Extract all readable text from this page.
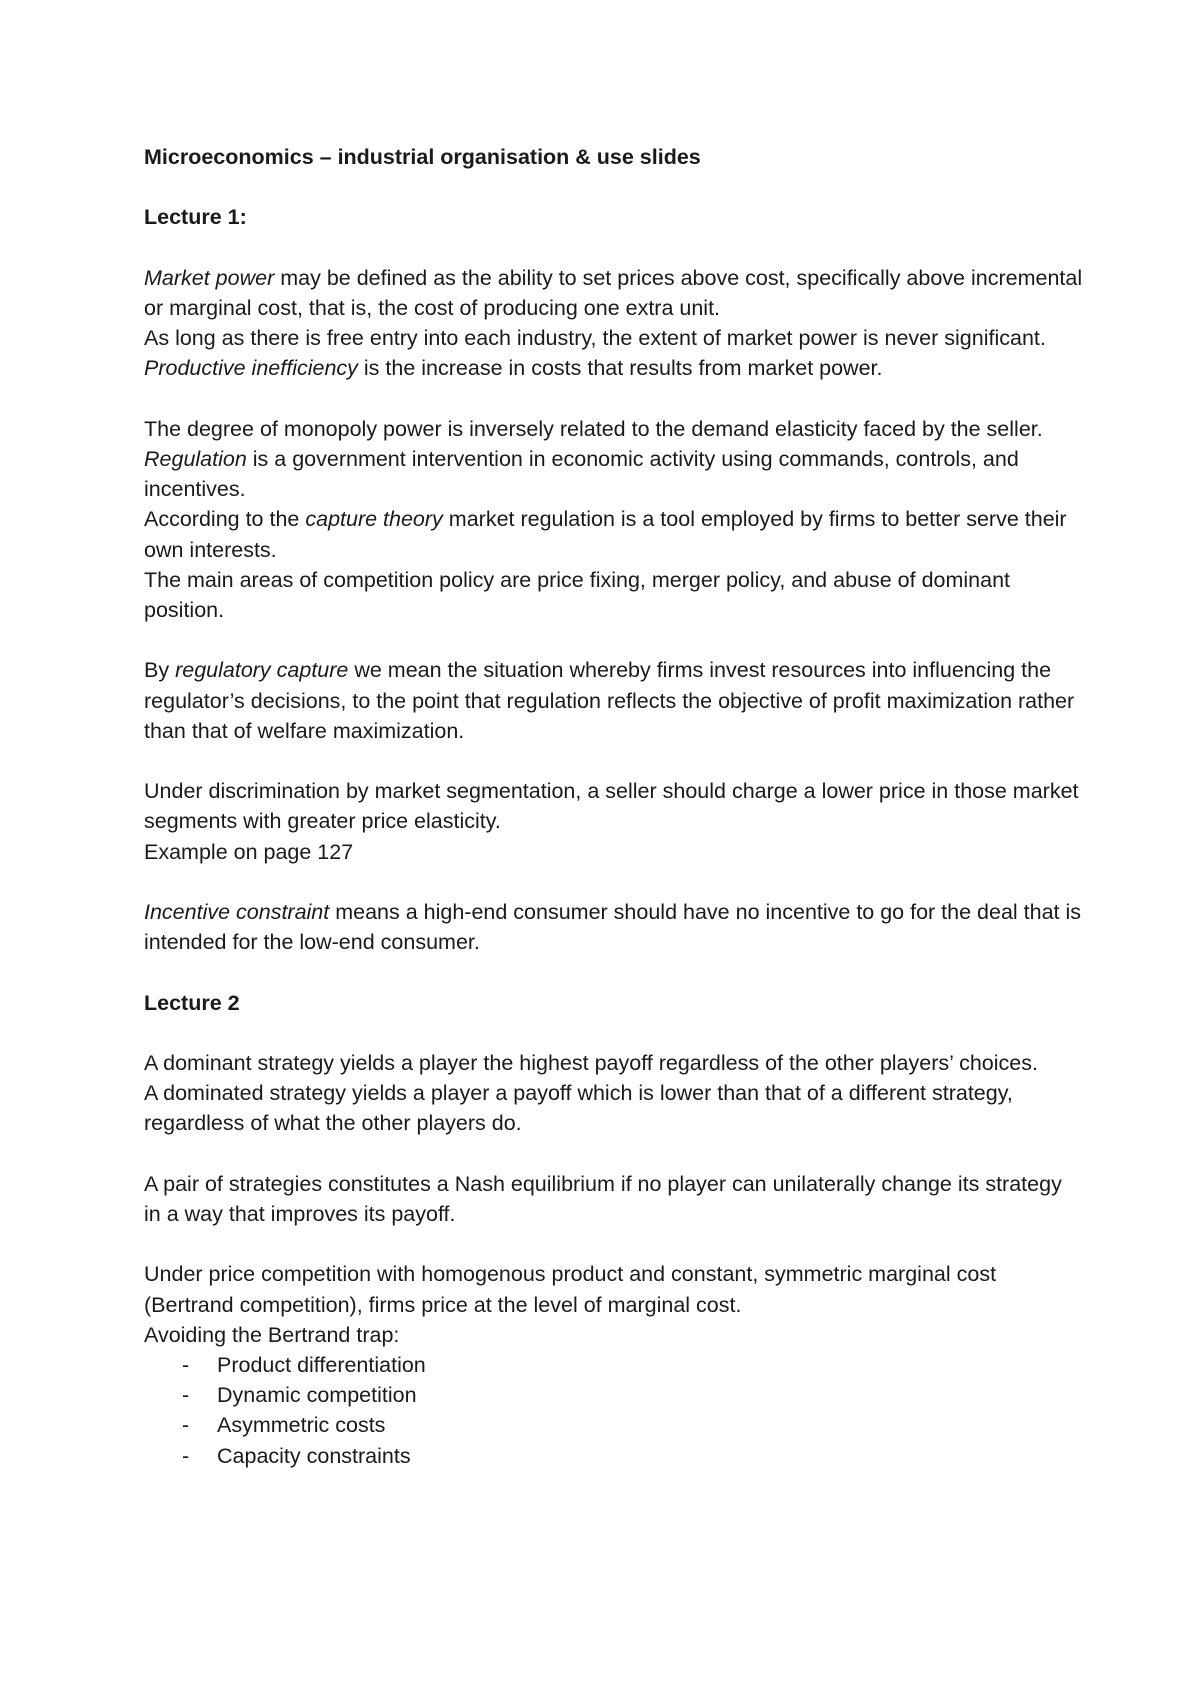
Microeconomics – industrial organisation & use slides

Lecture 1:

Market power may be defined as the ability to set prices above cost, specifically above incremental or marginal cost, that is, the cost of producing one extra unit.

As long as there is free entry into each industry, the extent of market power is never significant.

Productive inefficiency is the increase in costs that results from market power.

The degree of monopoly power is inversely related to the demand elasticity faced by the seller.

Regulation is a government intervention in economic activity using commands, controls, and incentives.

According to the capture theory market regulation is a tool employed by firms to better serve their own interests.

The main areas of competition policy are price fixing, merger policy, and abuse of dominant position.

By regulatory capture we mean the situation whereby firms invest resources into influencing the regulator’s decisions, to the point that regulation reflects the objective of profit maximization rather than that of welfare maximization.

Under discrimination by market segmentation, a seller should charge a lower price in those market segments with greater price elasticity.

Example on page 127

Incentive constraint means a high-end consumer should have no incentive to go for the deal that is intended for the low-end consumer.

Lecture 2

A dominant strategy yields a player the highest payoff regardless of the other players’ choices.

A dominated strategy yields a player a payoff which is lower than that of a different strategy, regardless of what the other players do.

A pair of strategies constitutes a Nash equilibrium if no player can unilaterally change its strategy in a way that improves its payoff.

Under price competition with homogenous product and constant, symmetric marginal cost (Bertrand competition), firms price at the level of marginal cost.

Avoiding the Bertrand trap:

- Product differentiation
- Dynamic competition
- Asymmetric costs
- Capacity constraints
